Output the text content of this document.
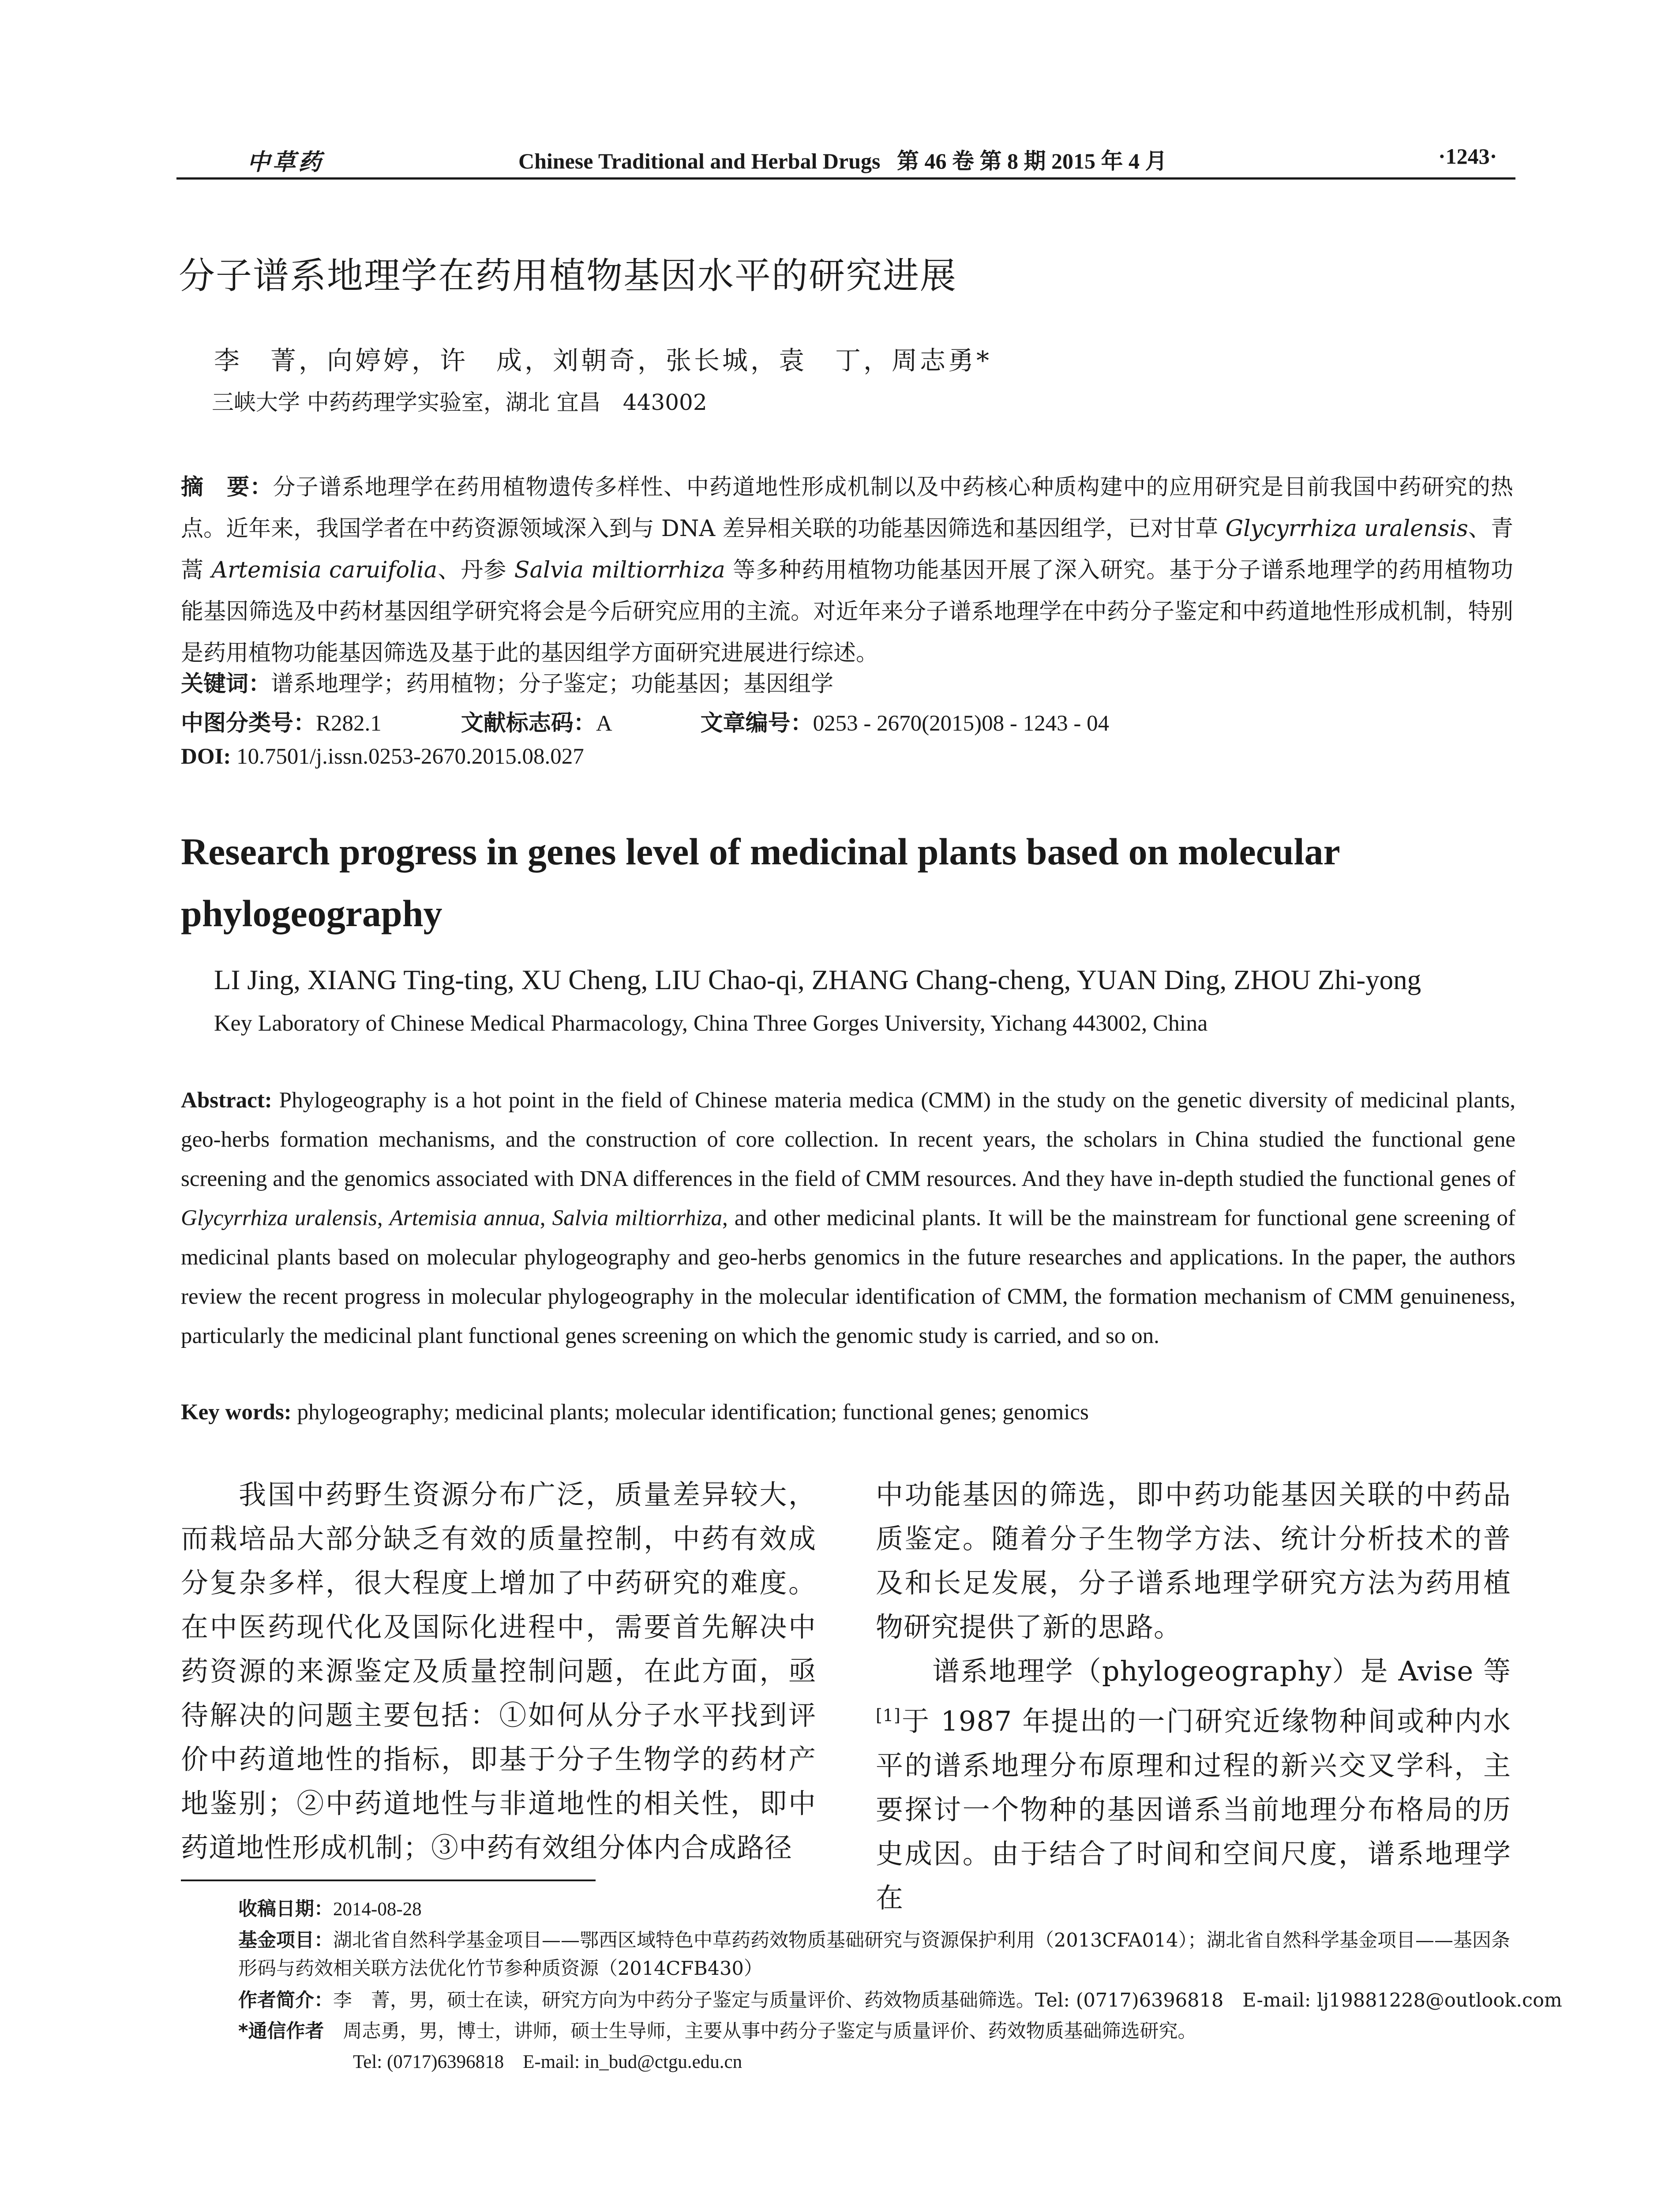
中草药	Chinese Traditional and Herbal Drugs 第 46 卷 第 8 期 2015 年 4 月	·1243·
分子谱系地理学在药用植物基因水平的研究进展
李　菁，向婷婷，许　成，刘朝奇，张长城，袁　丁，周志勇*
三峡大学 中药药理学实验室，湖北 宜昌　443002
摘　要：分子谱系地理学在药用植物遗传多样性、中药道地性形成机制以及中药核心种质构建中的应用研究是目前我国中药研究的热点。近年来，我国学者在中药资源领域深入到与 DNA 差异相关联的功能基因筛选和基因组学，已对甘草 Glycyrrhiza uralensis、青蒿 Artemisia caruifolia、丹参 Salvia miltiorrhiza 等多种药用植物功能基因开展了深入研究。基于分子谱系地理学的药用植物功能基因筛选及中药材基因组学研究将会是今后研究应用的主流。对近年来分子谱系地理学在中药分子鉴定和中药道地性形成机制，特别是药用植物功能基因筛选及基于此的基因组学方面研究进展进行综述。
关键词：谱系地理学；药用植物；分子鉴定；功能基因；基因组学
中图分类号：R282.1	文献标志码：A	文章编号：0253 - 2670(2015)08 - 1243 - 04
DOI: 10.7501/j.issn.0253-2670.2015.08.027
Research progress in genes level of medicinal plants based on molecular phylogeography
LI Jing, XIANG Ting-ting, XU Cheng, LIU Chao-qi, ZHANG Chang-cheng, YUAN Ding, ZHOU Zhi-yong
Key Laboratory of Chinese Medical Pharmacology, China Three Gorges University, Yichang 443002, China
Abstract: Phylogeography is a hot point in the field of Chinese materia medica (CMM) in the study on the genetic diversity of medicinal plants, geo-herbs formation mechanisms, and the construction of core collection. In recent years, the scholars in China studied the functional gene screening and the genomics associated with DNA differences in the field of CMM resources. And they have in-depth studied the functional genes of Glycyrrhiza uralensis, Artemisia annua, Salvia miltiorrhiza, and other medicinal plants. It will be the mainstream for functional gene screening of medicinal plants based on molecular phylogeography and geo-herbs genomics in the future researches and applications. In the paper, the authors review the recent progress in molecular phylogeography in the molecular identification of CMM, the formation mechanism of CMM genuineness, particularly the medicinal plant functional genes screening on which the genomic study is carried, and so on.
Key words: phylogeography; medicinal plants; molecular identification; functional genes; genomics
　　我国中药野生资源分布广泛，质量差异较大，而栽培品大部分缺乏有效的质量控制，中药有效成分复杂多样，很大程度上增加了中药研究的难度。在中医药现代化及国际化进程中，需要首先解决中药资源的来源鉴定及质量控制问题，在此方面，亟待解决的问题主要包括：①如何从分子水平找到评价中药道地性的指标，即基于分子生物学的药材产地鉴别；②中药道地性与非道地性的相关性，即中药道地性形成机制；③中药有效组分体内合成路径
中功能基因的筛选，即中药功能基因关联的中药品质鉴定。随着分子生物学方法、统计分析技术的普及和长足发展，分子谱系地理学研究方法为药用植物研究提供了新的思路。
　　谱系地理学（phylogeography）是 Avise 等[1]于 1987 年提出的一门研究近缘物种间或种内水平的谱系地理分布原理和过程的新兴交叉学科，主要探讨一个物种的基因谱系当前地理分布格局的历史成因。由于结合了时间和空间尺度，谱系地理学在
收稿日期：2014-08-28
基金项目：湖北省自然科学基金项目——鄂西区域特色中草药药效物质基础研究与资源保护利用（2013CFA014）；湖北省自然科学基金项目——基因条形码与药效相关联方法优化竹节参种质资源（2014CFB430）
作者简介：李　菁，男，硕士在读，研究方向为中药分子鉴定与质量评价、药效物质基础筛选。Tel: (0717)6396818　E-mail: lj19881228@outlook.com
*通信作者　周志勇，男，博士，讲师，硕士生导师，主要从事中药分子鉴定与质量评价、药效物质基础筛选研究。
Tel: (0717)6396818　E-mail: in_bud@ctgu.edu.cn
